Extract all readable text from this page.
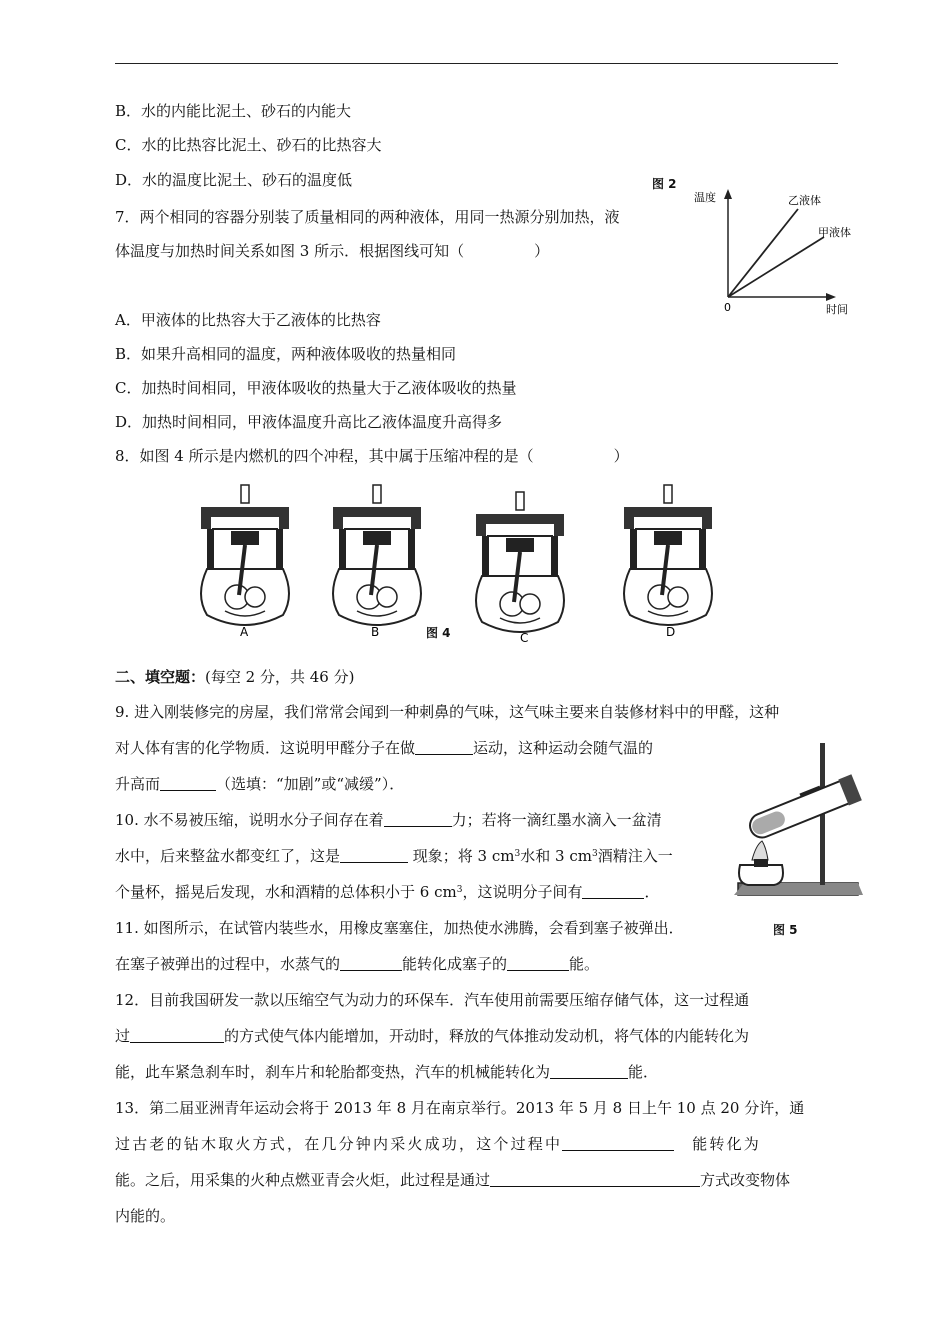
B．水的内能比泥土、砂石的内能大
C．水的比热容比泥土、砂石的比热容大
D．水的温度比泥土、砂石的温度低	图 2
温度
时间
0
乙液体
甲液体
7．两个相同的容器分别装了质量相同的两种液体，用同一热源分别加热，液
体温度与加热时间关系如图 3 所示．根据图线可知（	）
A．甲液体的比热容大于乙液体的比热容
B．如果升高相同的温度，两种液体吸收的热量相同
C．加热时间相同，甲液体吸收的热量大于乙液体吸收的热量
D．加热时间相同，甲液体温度升高比乙液体温度升高得多
8．如图 4 所示是内燃机的四个冲程，其中属于压缩冲程的是（	）
A	B	C	D
图 4
二、填空题：(每空 2 分，共 46 分)
9. 进入刚装修完的房屋，我们常常会闻到一种刺鼻的气味，这气味主要来自装修材料中的甲醛，这种
对人体有害的化学物质．这说明甲醛分子在做	运动，这种运动会随气温的
升高而	（选填：“加剧”或“减缓”）．
图 5
10. 水不易被压缩，说明水分子间存在着	力；若将一滴红墨水滴入一盆清
水中，后来整盆水都变红了，这是	现象；将 3 $cm^3$水和 3 $cm^3$酒精注入一
个量杯，摇晃后发现，水和酒精的总体积小于 6 $cm^3$，这说明分子间有	．
11. 如图所示，在试管内装些水，用橡皮塞塞住，加热使水沸腾，会看到塞子被弹出．
在塞子被弹出的过程中，水蒸气的	能转化成塞子的	能。
12．目前我国研发一款以压缩空气为动力的环保车．汽车使用前需要压缩存储气体，这一过程通
过	的方式使气体内能增加，开动时，释放的气体推动发动机，将气体的内能转化为
能，此车紧急刹车时，刹车片和轮胎都变热，汽车的机械能转化为	能．
13．第二届亚洲青年运动会将于 2013 年 8 月在南京举行。2013 年 5 月 8 日上午 10 点 20 分许，通
过古老的钻木取火方式，在几分钟内采火成功，这个过程中	能转化为
能。之后，用采集的火种点燃亚青会火炬，此过程是通过	方式改变物体
内能的。
